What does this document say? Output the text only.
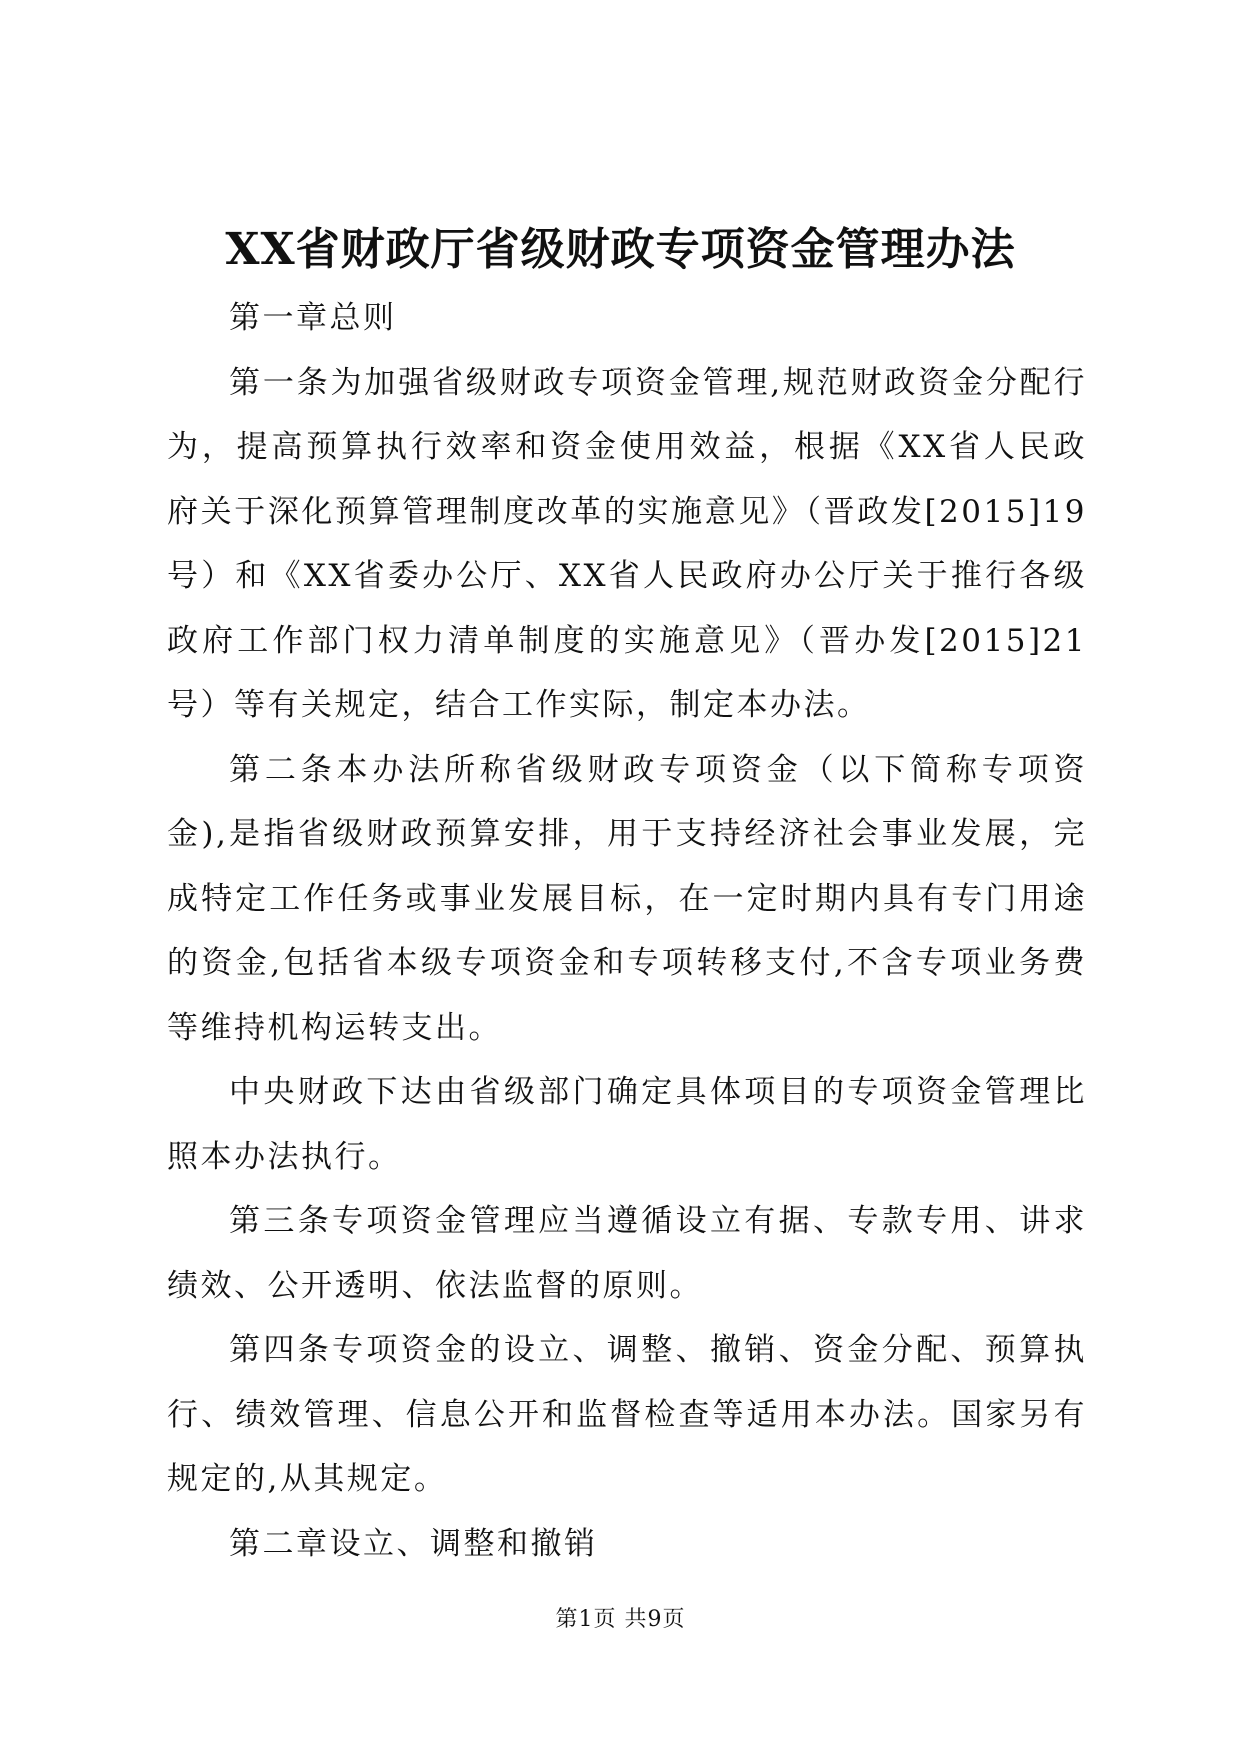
XX省财政厅省级财政专项资金管理办法

第一章总则

第一条为加强省级财政专项资金管理,规范财政资金分配行为，提高预算执行效率和资金使用效益，根据《XX省人民政府关于深化预算管理制度改革的实施意见》（晋政发[2015]19号）和《XX省委办公厅、XX省人民政府办公厅关于推行各级政府工作部门权力清单制度的实施意见》（晋办发[2015]21号）等有关规定，结合工作实际，制定本办法。

第二条本办法所称省级财政专项资金（以下简称专项资金),是指省级财政预算安排，用于支持经济社会事业发展，完成特定工作任务或事业发展目标，在一定时期内具有专门用途的资金,包括省本级专项资金和专项转移支付,不含专项业务费等维持机构运转支出。

中央财政下达由省级部门确定具体项目的专项资金管理比照本办法执行。

第三条专项资金管理应当遵循设立有据、专款专用、讲求绩效、公开透明、依法监督的原则。

第四条专项资金的设立、调整、撤销、资金分配、预算执行、绩效管理、信息公开和监督检查等适用本办法。国家另有规定的,从其规定。

第二章设立、调整和撤销

第1页 共9页
